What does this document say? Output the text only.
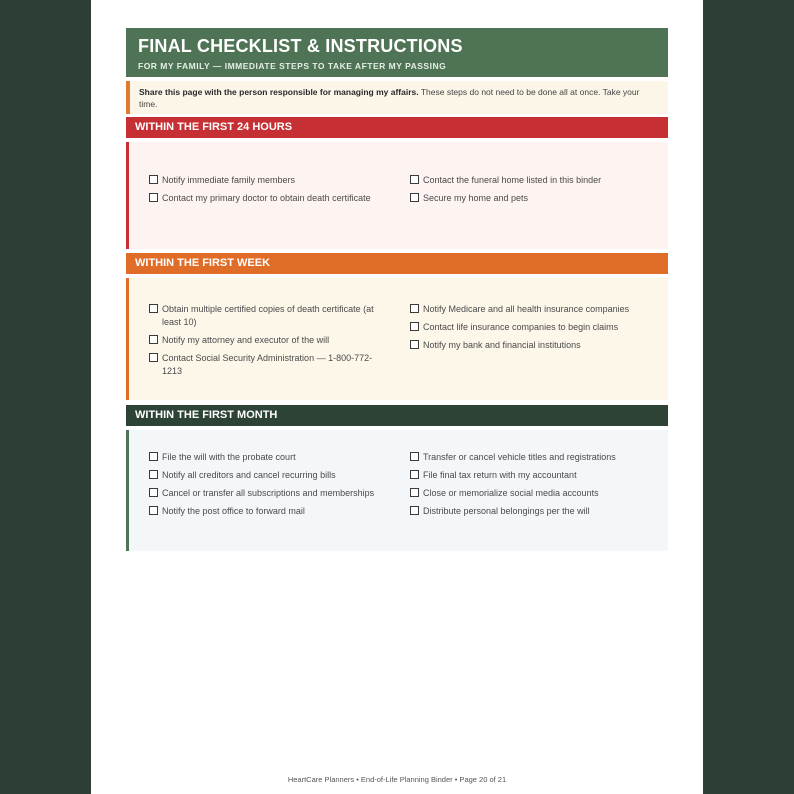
FINAL CHECKLIST & INSTRUCTIONS
FOR MY FAMILY — IMMEDIATE STEPS TO TAKE AFTER MY PASSING
Share this page with the person responsible for managing my affairs. These steps do not need to be done all at once. Take your time.
WITHIN THE FIRST 24 HOURS
Notify immediate family members
Contact my primary doctor to obtain death certificate
Contact the funeral home listed in this binder
Secure my home and pets
WITHIN THE FIRST WEEK
Obtain multiple certified copies of death certificate (at least 10)
Notify my attorney and executor of the will
Contact Social Security Administration — 1-800-772-1213
Notify Medicare and all health insurance companies
Contact life insurance companies to begin claims
Notify my bank and financial institutions
WITHIN THE FIRST MONTH
File the will with the probate court
Notify all creditors and cancel recurring bills
Cancel or transfer all subscriptions and memberships
Notify the post office to forward mail
Transfer or cancel vehicle titles and registrations
File final tax return with my accountant
Close or memorialize social media accounts
Distribute personal belongings per the will
HeartCare Planners • End-of-Life Planning Binder • Page 20 of 21
